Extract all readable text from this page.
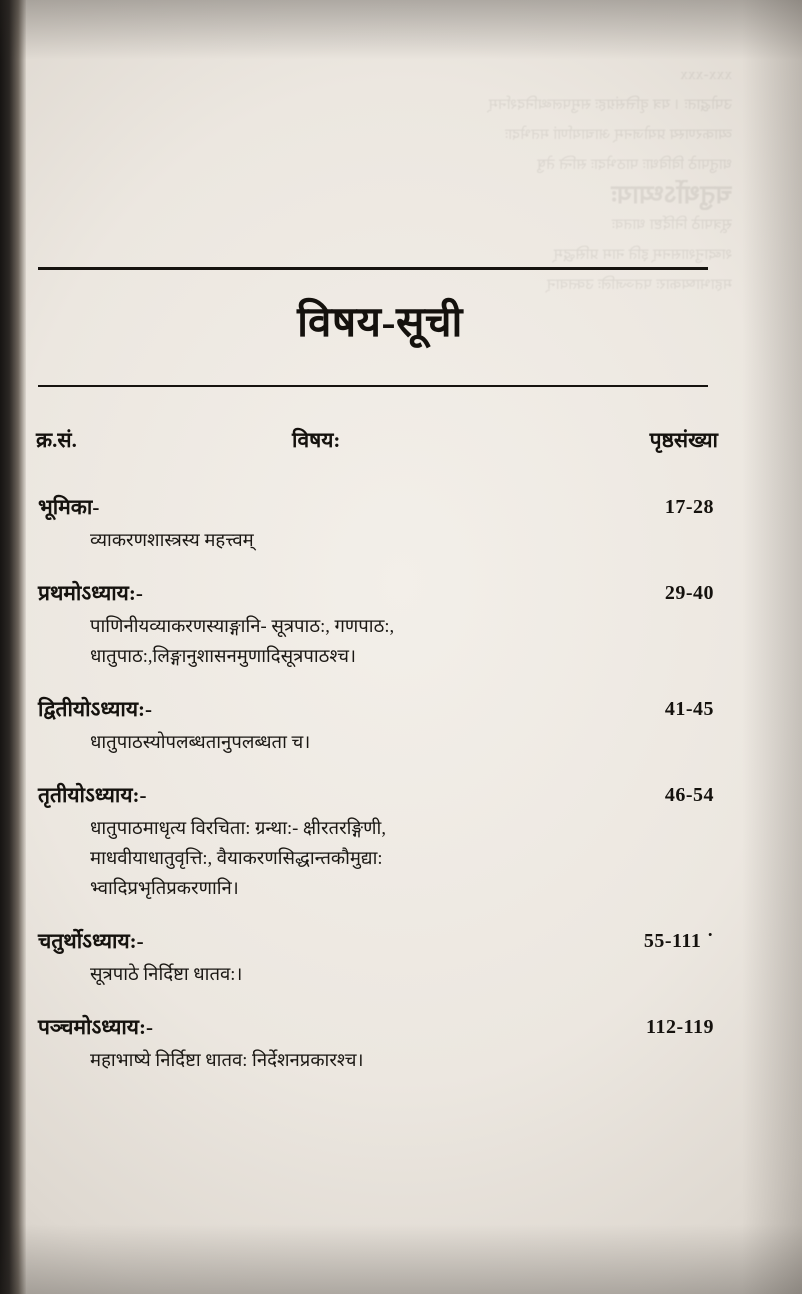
xxx-xxx
उपोद्घातः । यत्र वृत्तिसंग्रहः समुपलब्धनिदर्शनम्
व्याकरणस्य प्रयोजनम् आचार्याणां मतभेदाः
धातुपाठे विविधाः पाठभेदाः सन्ति तेषु
चतुर्थोऽध्यायः
सूत्रपाठे निर्दिष्टा धातवः
शब्दानुशासनम् इति नाम प्रसिद्धम्
महाभाष्यकारः पतञ्जलिः उक्तवान्
विषय-सूची
क्र.सं.	विषय:	पृष्ठसंख्या
भूमिका-	17-28
व्याकरणशास्त्रस्य महत्त्वम्
प्रथमोऽध्याय:-	29-40
पाणिनीयव्याकरणस्याङ्गानि- सूत्रपाठ:, गणपाठ:,
धातुपाठ:,लिङ्गानुशासनमुणादिसूत्रपाठश्च।
द्वितीयोऽध्याय:-	41-45
धातुपाठस्योपलब्धतानुपलब्धता च।
तृतीयोऽध्याय:-	46-54
धातुपाठमाधृत्य विरचिता: ग्रन्था:- क्षीरतरङ्गिणी,
माधवीयाधातुवृत्ति:, वैयाकरणसिद्धान्तकौमुद्या:
भ्वादिप्रभृतिप्रकरणानि।
चतुर्थोऽध्याय:-	55-111 ˙
सूत्रपाठे निर्दिष्टा धातव:।
पञ्चमोऽध्याय:-	112-119
महाभाष्ये निर्दिष्टा धातव: निर्देशनप्रकारश्च।
